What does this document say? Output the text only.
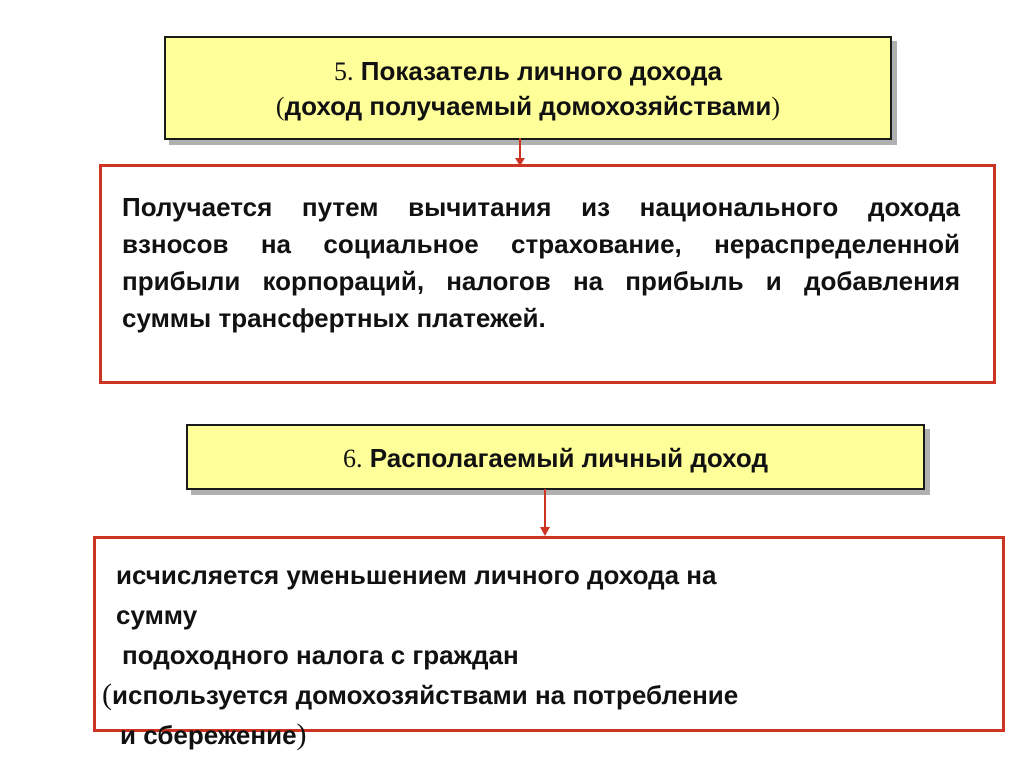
5. Показатель личного дохода
(доход получаемый домохозяйствами)
Получается путем вычитания из национального дохода взносов на социальное страхование, нераспределенной прибыли корпораций, налогов на прибыль и добавления суммы трансфертных платежей.
6. Располагаемый личный доход
исчисляется уменьшением личного дохода на
сумму
подоходного налога с граждан
(используется домохозяйствами на потребление
и сбережение)
